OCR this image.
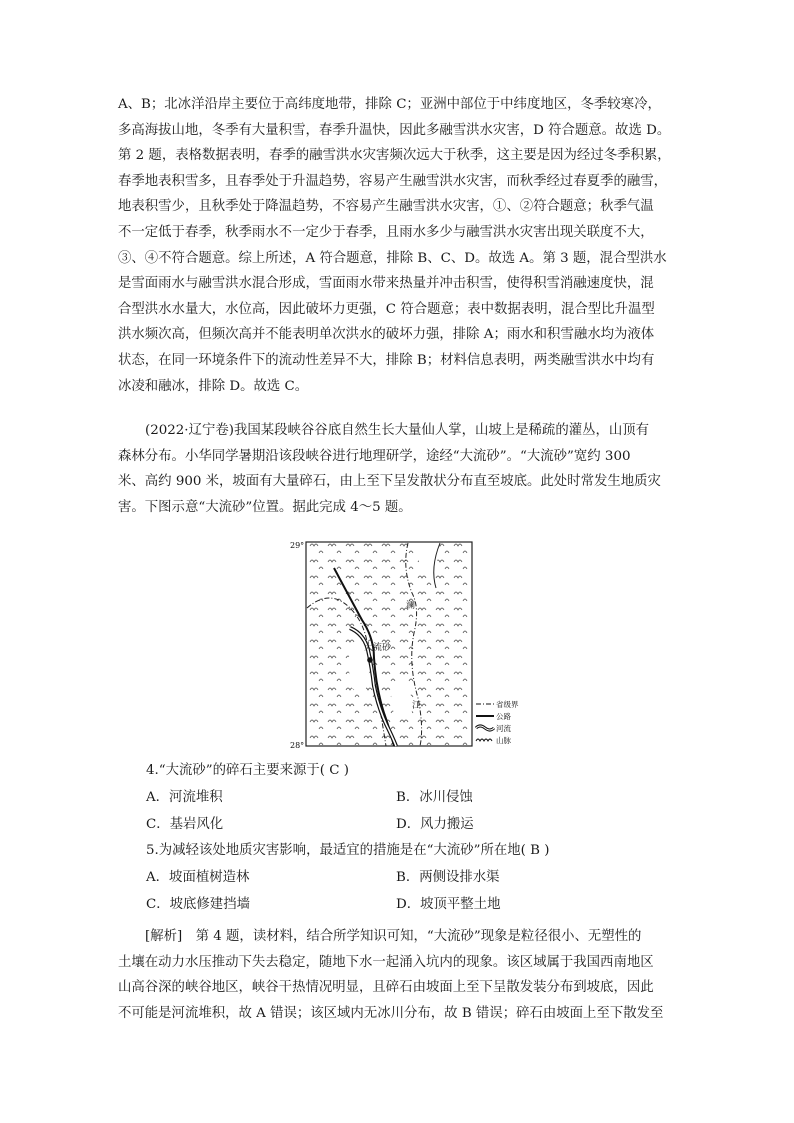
A、B；北冰洋沿岸主要位于高纬度地带，排除 C；亚洲中部位于中纬度地区，冬季较寒冷，
多高海拔山地，冬季有大量积雪，春季升温快，因此多融雪洪水灾害，D 符合题意。故选 D。
第 2 题，表格数据表明，春季的融雪洪水灾害频次远大于秋季，这主要是因为经过冬季积累，
春季地表积雪多，且春季处于升温趋势，容易产生融雪洪水灾害，而秋季经过春夏季的融雪，
地表积雪少，且秋季处于降温趋势，不容易产生融雪洪水灾害，①、②符合题意；秋季气温
不一定低于春季，秋季雨水不一定少于春季，且雨水多少与融雪洪水灾害出现关联度不大，
③、④不符合题意。综上所述，A 符合题意，排除 B、C、D。故选 A。第 3 题，混合型洪水
是雪面雨水与融雪洪水混合形成，雪面雨水带来热量并冲击积雪，使得积雪消融速度快，混
合型洪水水量大，水位高，因此破坏力更强，C 符合题意；表中数据表明，混合型比升温型
洪水频次高，但频次高并不能表明单次洪水的破坏力强，排除 A；雨水和积雪融水均为液体
状态，在同一环境条件下的流动性差异不大，排除 B；材料信息表明，两类融雪洪水中均有
冰凌和融冰，排除 D。故选 C。
(2022·辽宁卷)我国某段峡谷谷底自然生长大量仙人掌，山坡上是稀疏的灌丛，山顶有
森林分布。小华同学暑期沿该段峡谷进行地理研学，途经“大流砂”。“大流砂”宽约 300
米、高约 900 米，坡面有大量碎石，由上至下呈发散状分布直至坡底。此处时常发生地质灾
害。下图示意“大流砂”位置。据此完成 4～5 题。
大流砂
澜
江
29°
28°
省级界
公路
河流
山脉
4.“大流砂”的碎石主要来源于( C )
A．河流堆积	B．冰川侵蚀
C．基岩风化	D．风力搬运
5.为减轻该处地质灾害影响，最适宜的措施是在“大流砂”所在地( B )
A．坡面植树造林	B．两侧设排水渠
C．坡底修建挡墙	D．坡顶平整土地
[解析]　第 4 题，读材料，结合所学知识可知，“大流砂”现象是粒径很小、无塑性的
土壤在动力水压推动下失去稳定，随地下水一起涌入坑内的现象。该区域属于我国西南地区
山高谷深的峡谷地区，峡谷干热情况明显，且碎石由坡面上至下呈散发装分布到坡底，因此
不可能是河流堆积，故 A 错误；该区域内无冰川分布，故 B 错误；碎石由坡面上至下散发至
